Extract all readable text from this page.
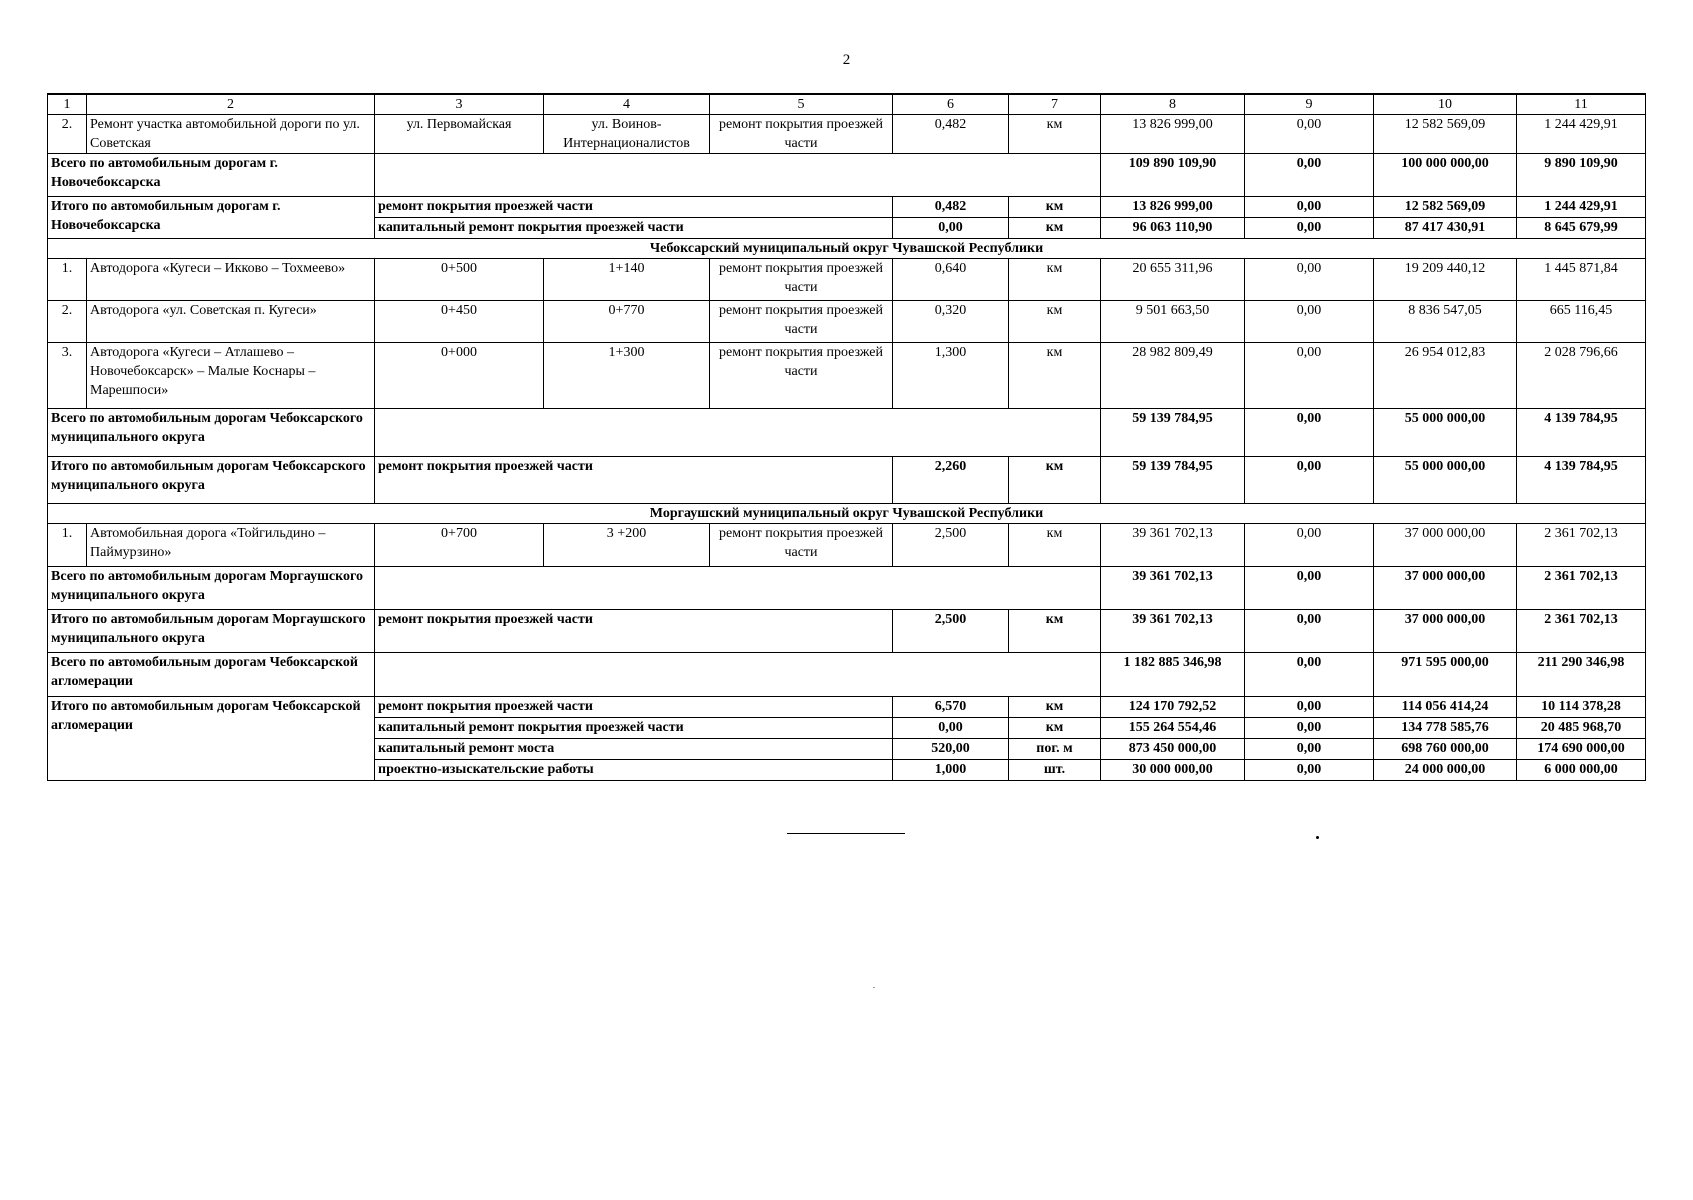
2
1	2	3	4	5	6	7	8	9	10	11
2.	Ремонт участка автомобильной дороги по ул. Советская	ул. Первомайская	ул. Воинов-Интернационалистов	ремонт покрытия проезжей части	0,482	км	13 826 999,00	0,00	12 582 569,09	1 244 429,91
Всего по автомобильным дорогам г. Новочебоксарска							109 890 109,90	0,00	100 000 000,00	9 890 109,90
Итого по автомобильным дорогам г. Новочебоксарска		ремонт покрытия проезжей части			0,482	км	13 826 999,00	0,00	12 582 569,09	1 244 429,91
		капитальный ремонт покрытия проезжей части			0,00	км	96 063 110,90	0,00	87 417 430,91	8 645 679,99
Чебоксарский муниципальный округ Чувашской Республики										
1.	Автодорога «Кугеси – Икково – Тохмеево»	0+500	1+140	ремонт покрытия проезжей части	0,640	км	20 655 311,96	0,00	19 209 440,12	1 445 871,84
2.	Автодорога «ул. Советская п. Кугеси»	0+450	0+770	ремонт покрытия проезжей части	0,320	км	9 501 663,50	0,00	8 836 547,05	665 116,45
3.	Автодорога «Кугеси – Атлашево – Новочебоксарск» – Малые Коснары – Марешпоси»	0+000	1+300	ремонт покрытия проезжей части	1,300	км	28 982 809,49	0,00	26 954 012,83	2 028 796,66
Всего по автомобильным дорогам Чебоксарского муниципального округа							59 139 784,95	0,00	55 000 000,00	4 139 784,95
Итого по автомобильным дорогам Чебоксарского муниципального округа		ремонт покрытия проезжей части			2,260	км	59 139 784,95	0,00	55 000 000,00	4 139 784,95
Моргаушский муниципальный округ Чувашской Республики										
1.	Автомобильная дорога «Тойгильдино – Паймурзино»	0+700	3 +200	ремонт покрытия проезжей части	2,500	км	39 361 702,13	0,00	37 000 000,00	2 361 702,13
Всего по автомобильным дорогам Моргаушского муниципального округа							39 361 702,13	0,00	37 000 000,00	2 361 702,13
Итого по автомобильным дорогам Моргаушского муниципального округа		ремонт покрытия проезжей части			2,500	км	39 361 702,13	0,00	37 000 000,00	2 361 702,13
Всего по автомобильным дорогам Чебоксарской агломерации							1 182 885 346,98	0,00	971 595 000,00	211 290 346,98
Итого по автомобильным дорогам Чебоксарской агломерации		ремонт покрытия проезжей части			6,570	км	124 170 792,52	0,00	114 056 414,24	10 114 378,28
		капитальный ремонт покрытия проезжей части			0,00	км	155 264 554,46	0,00	134 778 585,76	20 485 968,70
		капитальный ремонт моста			520,00	пог. м	873 450 000,00	0,00	698 760 000,00	174 690 000,00
		проектно-изыскательские работы			1,000	шт.	30 000 000,00	0,00	24 000 000,00	6 000 000,00
